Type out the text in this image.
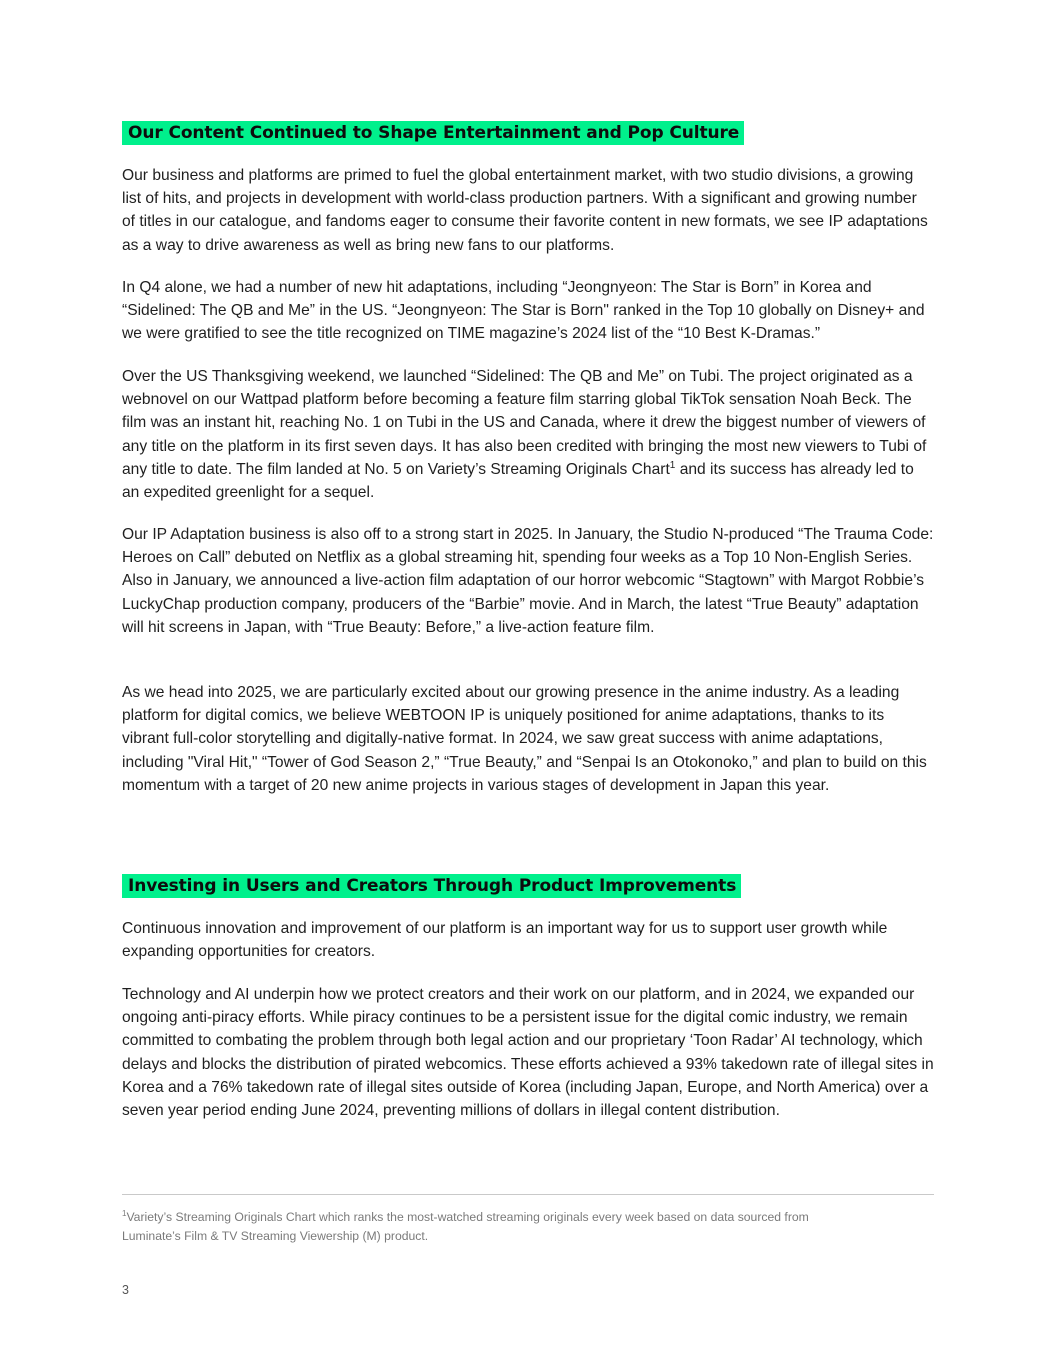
Our Content Continued to Shape Entertainment and Pop Culture

Our business and platforms are primed to fuel the global entertainment market, with two studio divisions, a growing list of hits, and projects in development with world-class production partners. With a significant and growing number of titles in our catalogue, and fandoms eager to consume their favorite content in new formats, we see IP adaptations as a way to drive awareness as well as bring new fans to our platforms.

In Q4 alone, we had a number of new hit adaptations, including “Jeongnyeon: The Star is Born” in Korea and “Sidelined: The QB and Me” in the US. “Jeongnyeon: The Star is Born" ranked in the Top 10 globally on Disney+ and we were gratified to see the title recognized on TIME magazine’s 2024 list of the “10 Best K-Dramas.”

Over the US Thanksgiving weekend, we launched “Sidelined: The QB and Me” on Tubi. The project originated as a webnovel on our Wattpad platform before becoming a feature film starring global TikTok sensation Noah Beck. The film was an instant hit, reaching No. 1 on Tubi in the US and Canada, where it drew the biggest number of viewers of any title on the platform in its first seven days. It has also been credited with bringing the most new viewers to Tubi of any title to date. The film landed at No. 5 on Variety’s Streaming Originals Chart$^1$ and its success has already led to an expedited greenlight for a sequel.

Our IP Adaptation business is also off to a strong start in 2025. In January, the Studio N-produced “The Trauma Code: Heroes on Call” debuted on Netflix as a global streaming hit, spending four weeks as a Top 10 Non-English Series. Also in January, we announced a live-action film adaptation of our horror webcomic “Stagtown” with Margot Robbie’s LuckyChap production company, producers of the “Barbie” movie. And in March, the latest “True Beauty” adaptation will hit screens in Japan, with “True Beauty: Before,” a live-action feature film.

As we head into 2025, we are particularly excited about our growing presence in the anime industry. As a leading platform for digital comics, we believe WEBTOON IP is uniquely positioned for anime adaptations, thanks to its vibrant full-color storytelling and digitally-native format. In 2024, we saw great success with anime adaptations, including "Viral Hit," “Tower of God Season 2,” “True Beauty,” and “Senpai Is an Otokonoko,” and plan to build on this momentum with a target of 20 new anime projects in various stages of development in Japan this year.

Investing in Users and Creators Through Product Improvements

Continuous innovation and improvement of our platform is an important way for us to support user growth while expanding opportunities for creators.

Technology and AI underpin how we protect creators and their work on our platform, and in 2024, we expanded our ongoing anti-piracy efforts. While piracy continues to be a persistent issue for the digital comic industry, we remain committed to combating the problem through both legal action and our proprietary ‘Toon Radar’ AI technology, which delays and blocks the distribution of pirated webcomics. These efforts achieved a 93% takedown rate of illegal sites in Korea and a 76% takedown rate of illegal sites outside of Korea (including Japan, Europe, and North America) over a seven year period ending June 2024, preventing millions of dollars in illegal content distribution.

$^1$Variety’s Streaming Originals Chart which ranks the most-watched streaming originals every week based on data sourced from Luminate’s Film & TV Streaming Viewership (M) product.

3
